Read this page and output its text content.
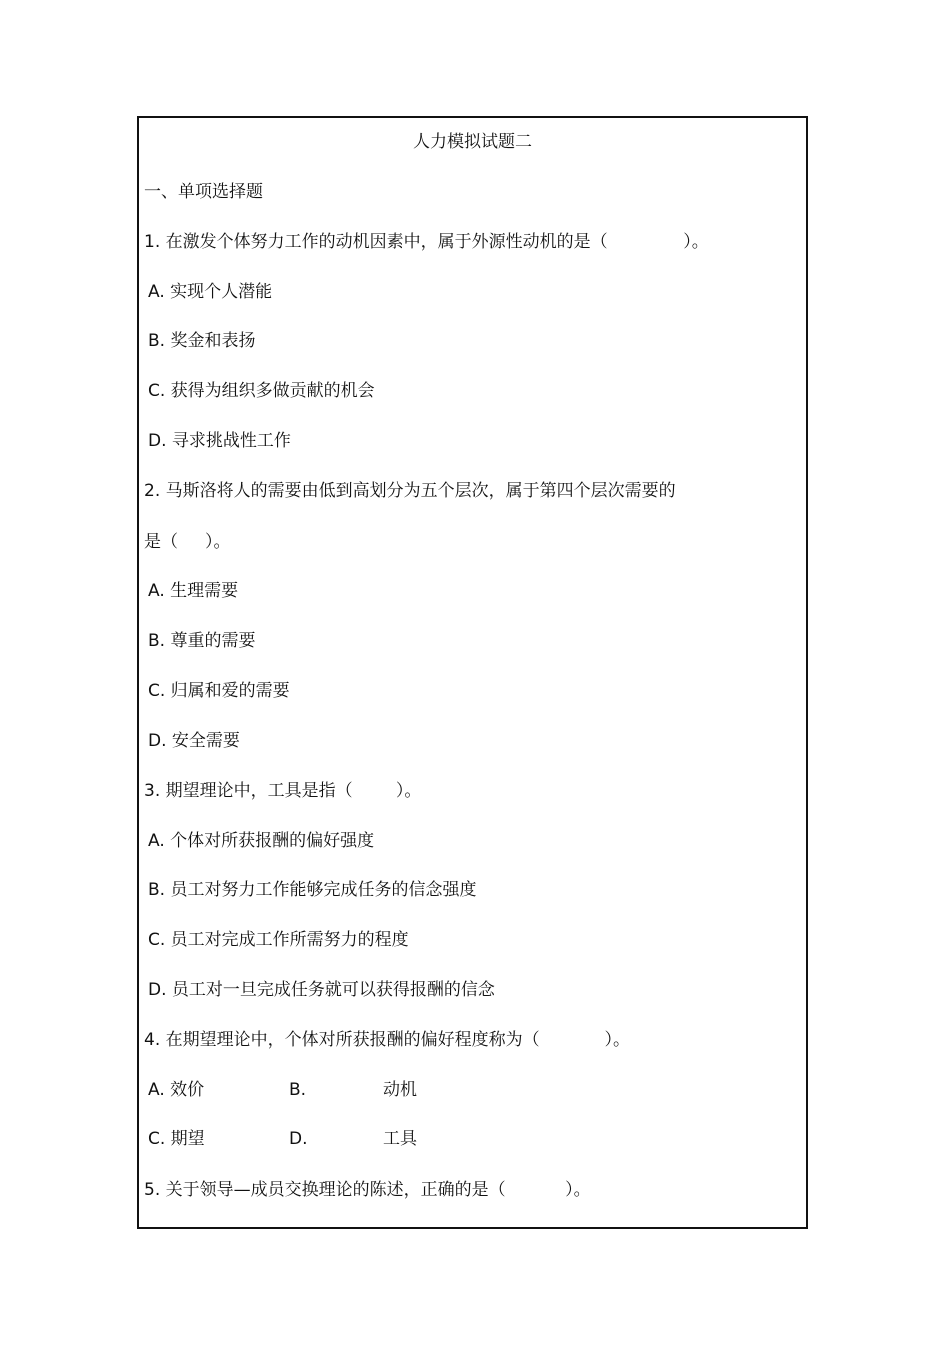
人力模拟试题二
一、单项选择题
1. 在激发个体努力工作的动机因素中，属于外源性动机的是（              ）。
A. 实现个人潜能
B. 奖金和表扬
C. 获得为组织多做贡献的机会
D. 寻求挑战性工作
2. 马斯洛将人的需要由低到高划分为五个层次，属于第四个层次需要的
是（     ）。
A. 生理需要
B. 尊重的需要
C. 归属和爱的需要
D. 安全需要
3. 期望理论中，工具是指（        ）。
A. 个体对所获报酬的偏好强度
B. 员工对努力工作能够完成任务的信念强度
C. 员工对完成工作所需努力的程度
D. 员工对一旦完成任务就可以获得报酬的信念
4. 在期望理论中，个体对所获报酬的偏好程度称为（            ）。
A. 效价	B.	动机
C. 期望	D.	工具
5. 关于领导—成员交换理论的陈述，正确的是（           ）。
